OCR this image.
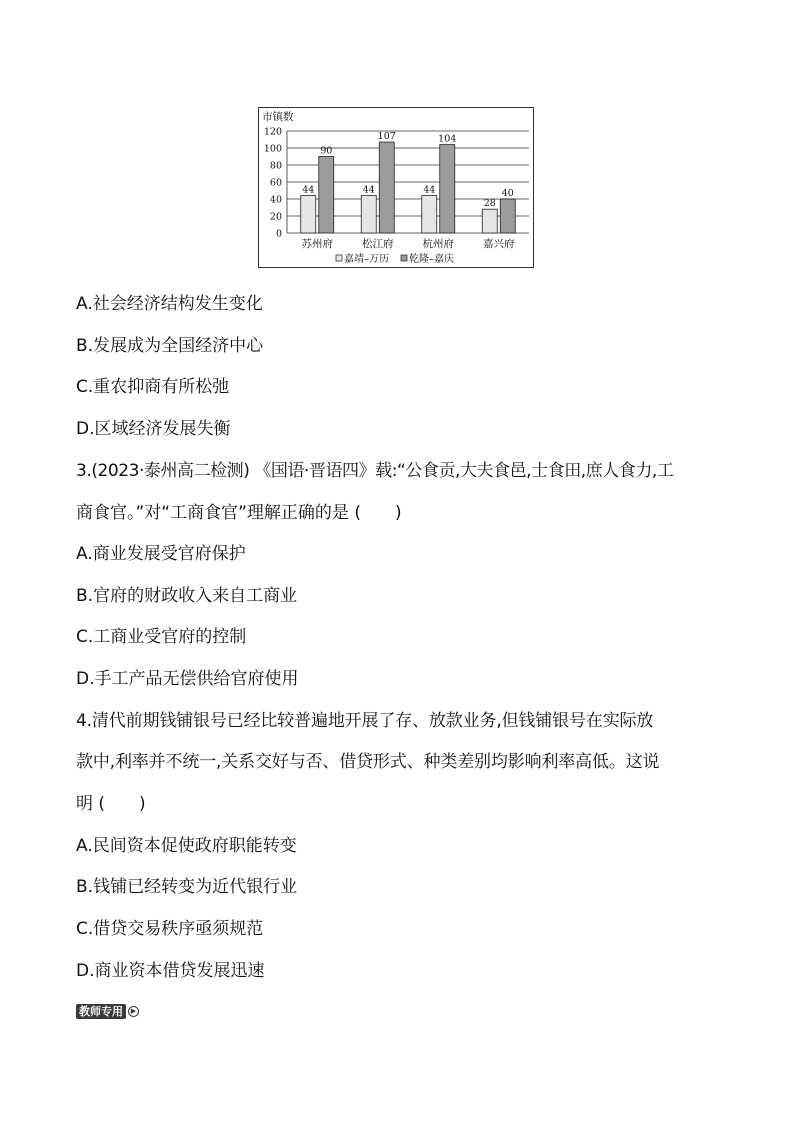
市镇数
0
20
40
60
80
100
120
44
90
苏州府
44
107
松江府
44
104
杭州府
28
40
嘉兴府
嘉靖–万历 乾隆–嘉庆
A.社会经济结构发生变化
B.发展成为全国经济中心
C.重农抑商有所松弛
D.区域经济发展失衡
3.(2023·泰州高二检测) 《国语·晋语四》载:“公食贡,大夫食邑,士食田,庶人食力,工
商食官。”对“工商食官”理解正确的是 (　　)
A.商业发展受官府保护
B.官府的财政收入来自工商业
C.工商业受官府的控制
D.手工产品无偿供给官府使用
4.清代前期钱铺银号已经比较普遍地开展了存、放款业务,但钱铺银号在实际放
款中,利率并不统一,关系交好与否、借贷形式、种类差别均影响利率高低。这说
明 (　　)
A.民间资本促使政府职能转变
B.钱铺已经转变为近代银行业
C.借贷交易秩序亟须规范
D.商业资本借贷发展迅速
教师专用	▶
